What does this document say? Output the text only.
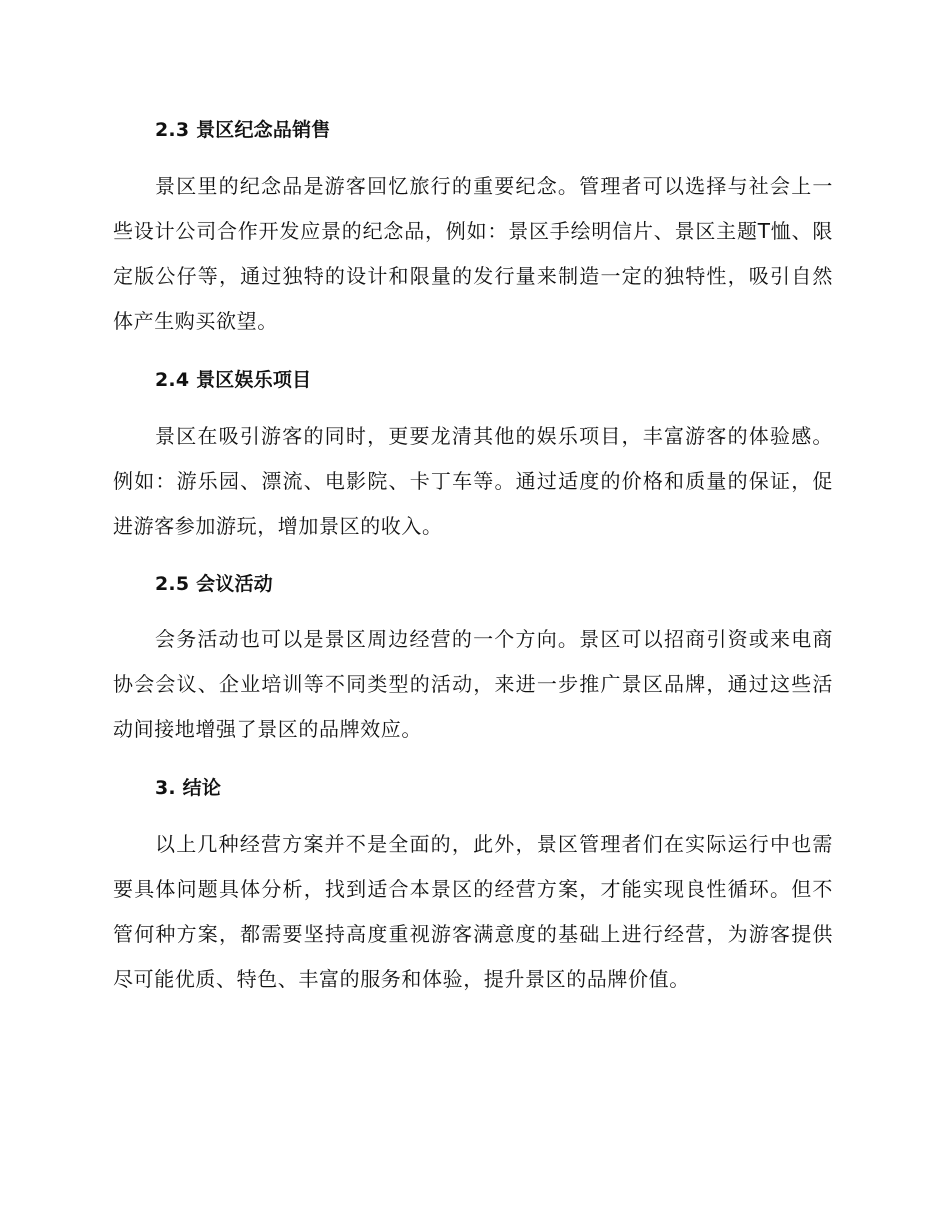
2.3 景区纪念品销售
景区里的纪念品是游客回忆旅行的重要纪念。管理者可以选择与社会上一些设计公司合作开发应景的纪念品，例如：景区手绘明信片、景区主题T恤、限定版公仔等，通过独特的设计和限量的发行量来制造一定的独特性，吸引自然体产生购买欲望。
2.4 景区娱乐项目
景区在吸引游客的同时，更要龙清其他的娱乐项目，丰富游客的体验感。例如：游乐园、漂流、电影院、卡丁车等。通过适度的价格和质量的保证，促进游客参加游玩，增加景区的收入。
2.5 会议活动
会务活动也可以是景区周边经营的一个方向。景区可以招商引资或来电商协会会议、企业培训等不同类型的活动，来进一步推广景区品牌，通过这些活动间接地增强了景区的品牌效应。
3. 结论
以上几种经营方案并不是全面的，此外，景区管理者们在实际运行中也需要具体问题具体分析，找到适合本景区的经营方案，才能实现良性循环。但不管何种方案，都需要坚持高度重视游客满意度的基础上进行经营，为游客提供尽可能优质、特色、丰富的服务和体验，提升景区的品牌价值。
